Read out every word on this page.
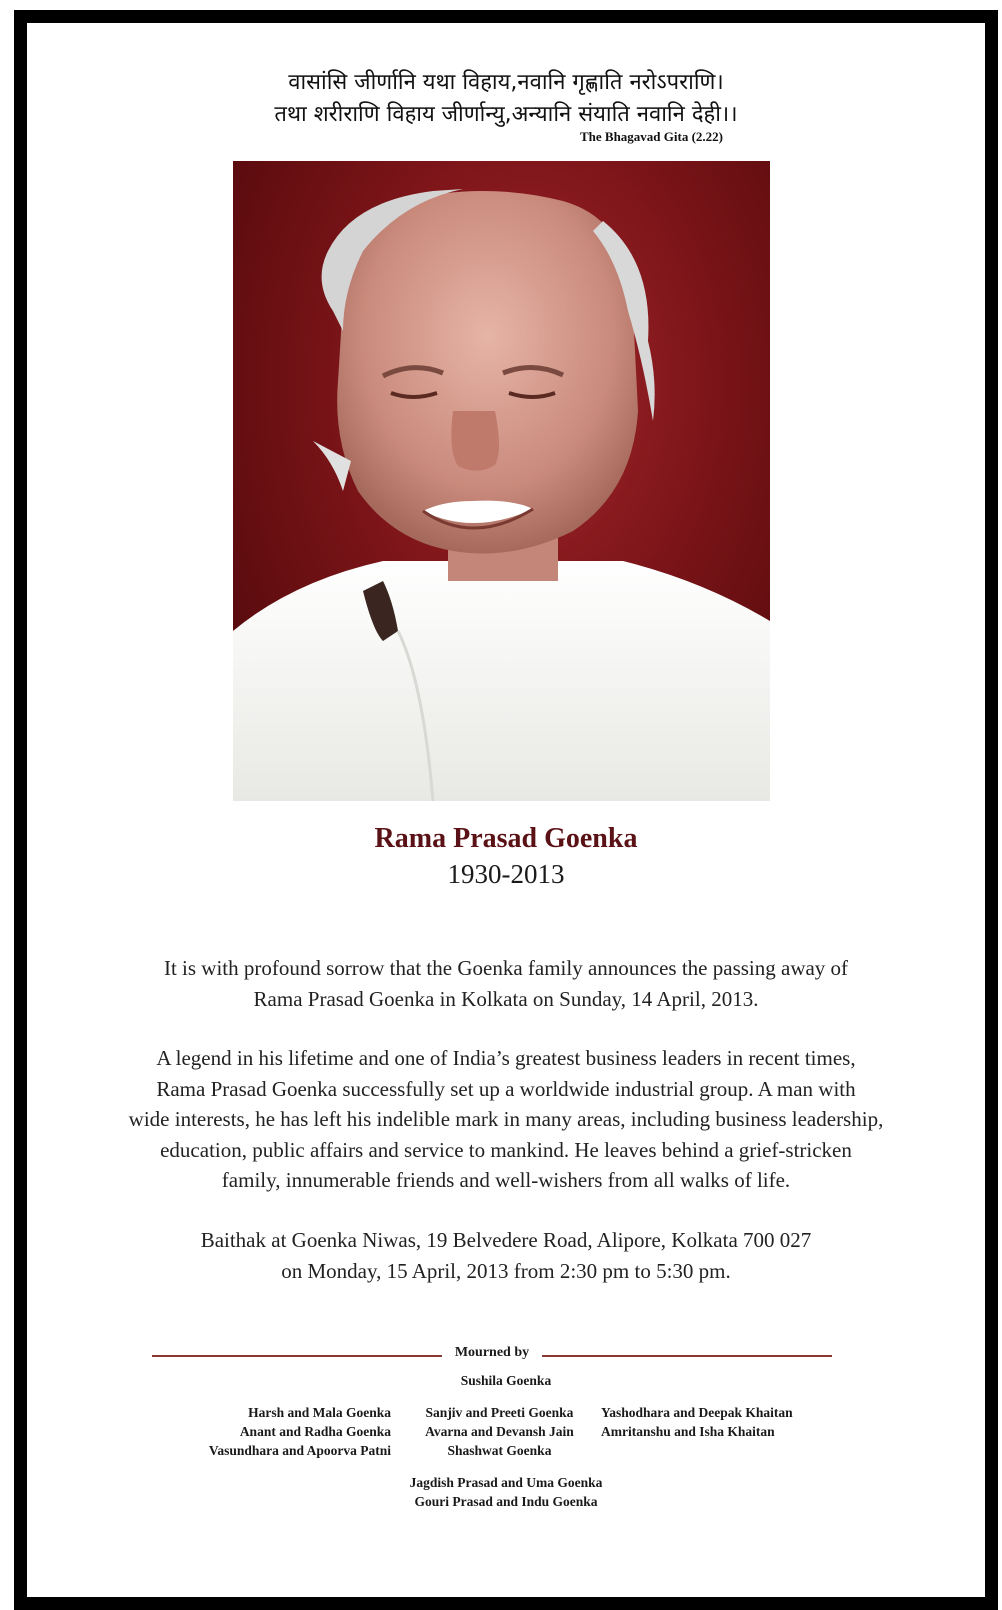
वासांसि जीर्णानि यथा विहाय,नवानि गृह्णाति नरोऽपराणि।
तथा शरीराणि विहाय जीर्णान्यु,अन्यानि संयाति नवानि देही।।
The Bhagavad Gita (2.22)
Rama Prasad Goenka
1930-2013
It is with profound sorrow that the Goenka family announces the passing away of
Rama Prasad Goenka in Kolkata on Sunday, 14 April, 2013.
A legend in his lifetime and one of India’s greatest business leaders in recent times,
Rama Prasad Goenka successfully set up a worldwide industrial group. A man with
wide interests, he has left his indelible mark in many areas, including business leadership,
education, public affairs and service to mankind. He leaves behind a grief-stricken
family, innumerable friends and well-wishers from all walks of life.
Baithak at Goenka Niwas, 19 Belvedere Road, Alipore, Kolkata 700 027
on Monday, 15 April, 2013 from 2:30 pm to 5:30 pm.
Mourned by
Sushila Goenka
Harsh and Mala Goenka
Anant and Radha Goenka
Vasundhara and Apoorva Patni
Sanjiv and Preeti Goenka
Avarna and Devansh Jain
Shashwat Goenka
Yashodhara and Deepak Khaitan
Amritanshu and Isha Khaitan
Jagdish Prasad and Uma Goenka
Gouri Prasad and Indu Goenka
